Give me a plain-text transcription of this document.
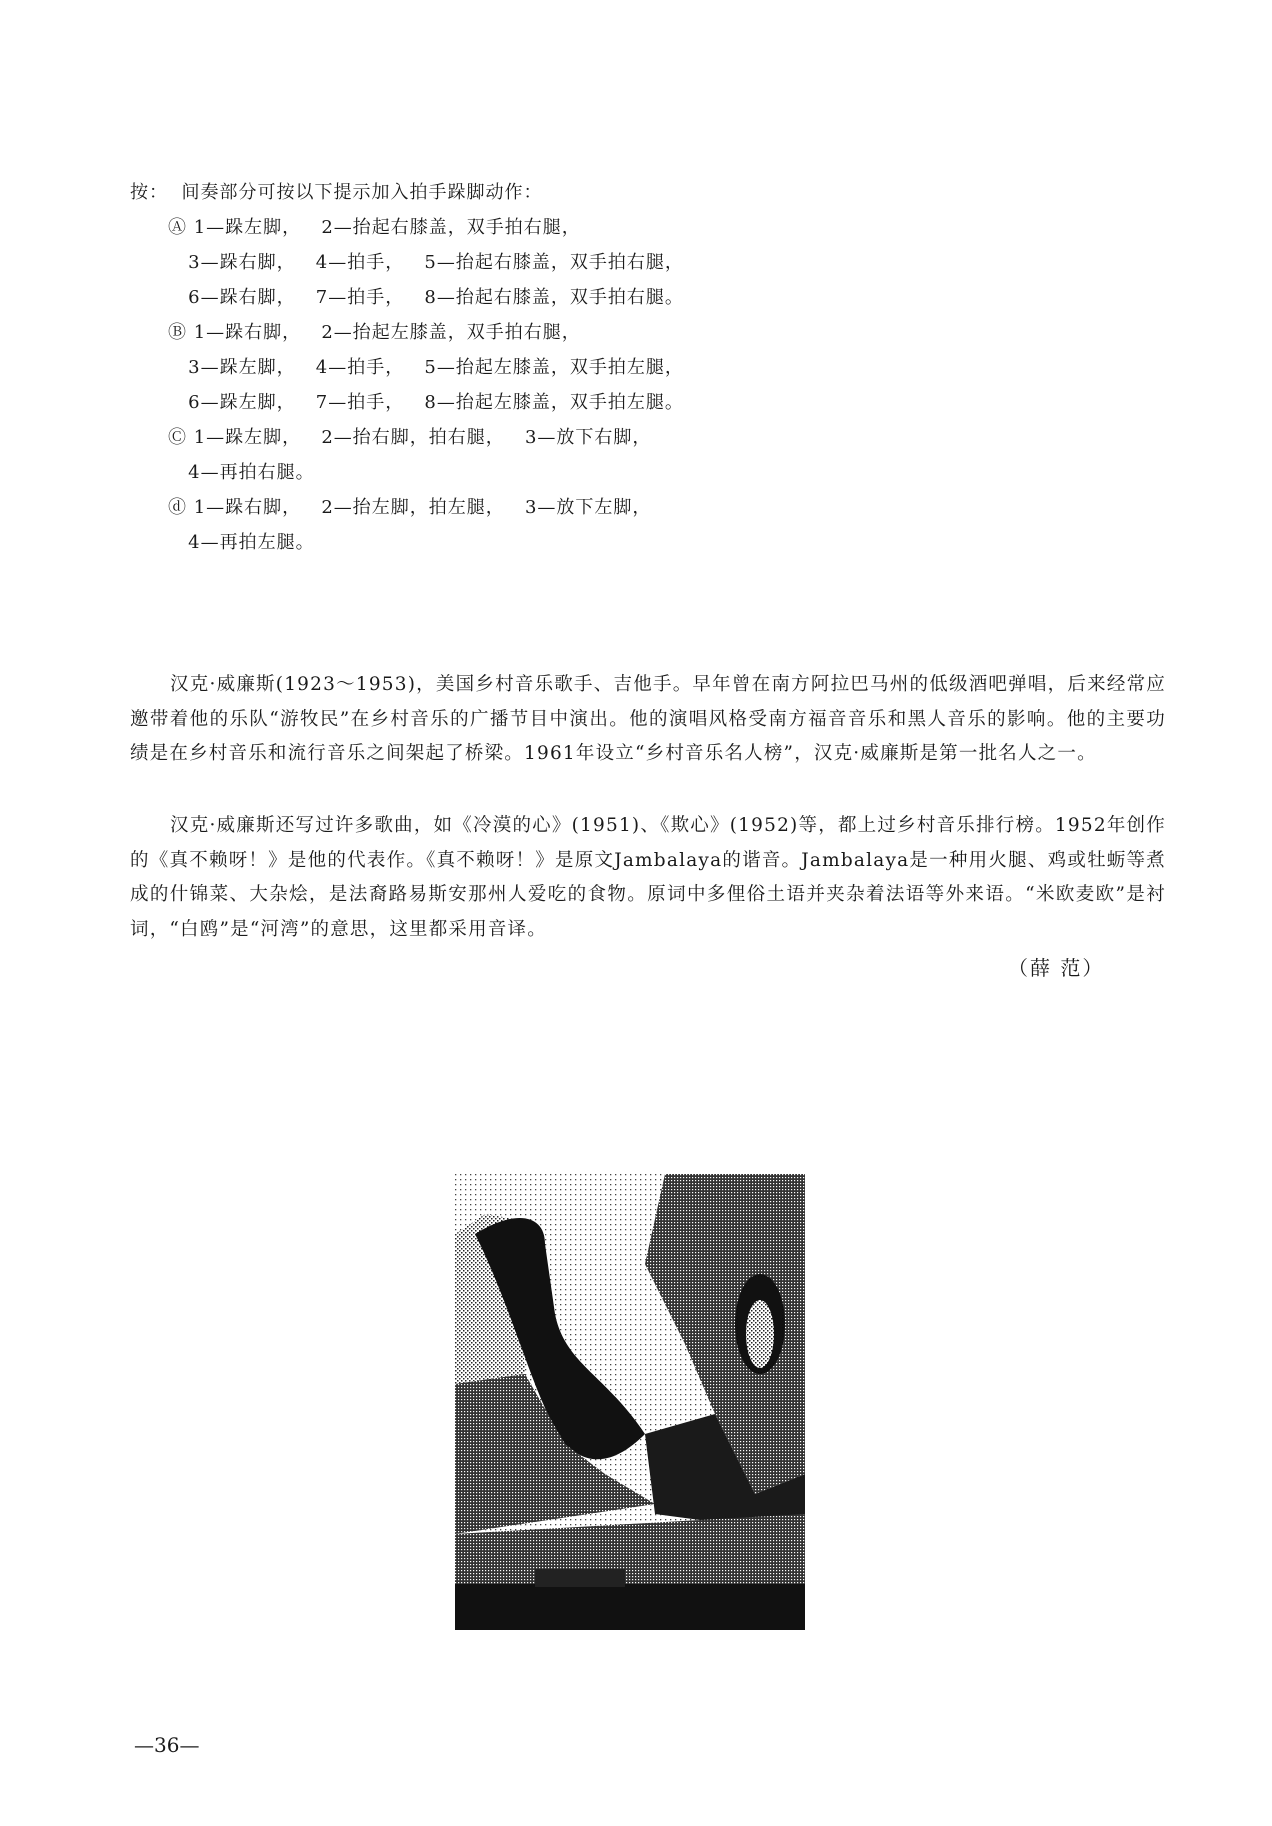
按：  间奏部分可按以下提示加入拍手跺脚动作：
Ⓐ 1—跺左脚，   2—抬起右膝盖，双手拍右腿，
3—跺右脚，   4—拍手，   5—抬起右膝盖，双手拍右腿，
6—跺右脚，   7—拍手，   8—抬起右膝盖，双手拍右腿。
Ⓑ 1—跺右脚，   2—抬起左膝盖，双手拍右腿，
3—跺左脚，   4—拍手，   5—抬起左膝盖，双手拍左腿，
6—跺左脚，   7—拍手，   8—抬起左膝盖，双手拍左腿。
Ⓒ 1—跺左脚，   2—抬右脚，拍右腿，   3—放下右脚，
4—再拍右腿。
ⓓ 1—跺右脚，   2—抬左脚，拍左腿，   3—放下左脚，
4—再拍左腿。
汉克·威廉斯(1923～1953)，美国乡村音乐歌手、吉他手。早年曾在南方阿拉巴马州的低级酒吧弹唱，后来经常应邀带着他的乐队“游牧民”在乡村音乐的广播节目中演出。他的演唱风格受南方福音音乐和黑人音乐的影响。他的主要功绩是在乡村音乐和流行音乐之间架起了桥梁。1961年设立“乡村音乐名人榜”，汉克·威廉斯是第一批名人之一。
汉克·威廉斯还写过许多歌曲，如《冷漠的心》(1951)、《欺心》(1952)等，都上过乡村音乐排行榜。1952年创作的《真不赖呀！》是他的代表作。《真不赖呀！》是原文Jambalaya的谐音。Jambalaya是一种用火腿、鸡或牡蛎等煮成的什锦菜、大杂烩，是法裔路易斯安那州人爱吃的食物。原词中多俚俗土语并夹杂着法语等外来语。“米欧麦欧”是衬词，“白鸥”是“河湾”的意思，这里都采用音译。
（薛 范）
—36—
